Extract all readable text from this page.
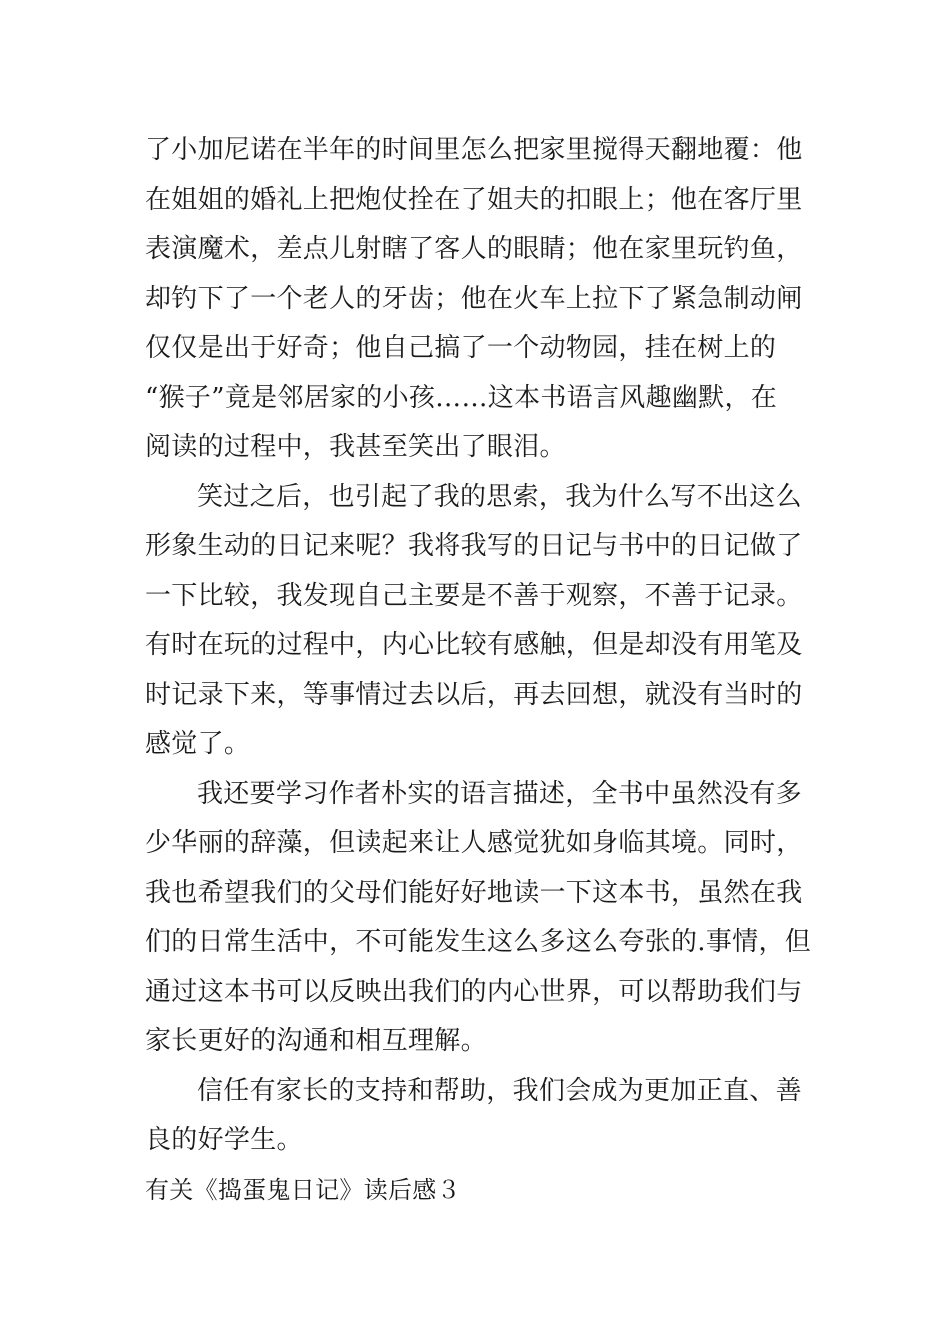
了小加尼诺在半年的时间里怎么把家里搅得天翻地覆：他
在姐姐的婚礼上把炮仗拴在了姐夫的扣眼上；他在客厅里
表演魔术，差点儿射瞎了客人的眼睛；他在家里玩钓鱼，
却钓下了一个老人的牙齿；他在火车上拉下了紧急制动闸
仅仅是出于好奇；他自己搞了一个动物园，挂在树上的
“猴子”竟是邻居家的小孩……这本书语言风趣幽默，在
阅读的过程中，我甚至笑出了眼泪。
笑过之后，也引起了我的思索，我为什么写不出这么
形象生动的日记来呢？我将我写的日记与书中的日记做了
一下比较，我发现自己主要是不善于观察，不善于记录。
有时在玩的过程中，内心比较有感触，但是却没有用笔及
时记录下来，等事情过去以后，再去回想，就没有当时的
感觉了。
我还要学习作者朴实的语言描述，全书中虽然没有多
少华丽的辞藻，但读起来让人感觉犹如身临其境。同时，
我也希望我们的父母们能好好地读一下这本书，虽然在我
们的日常生活中，不可能发生这么多这么夸张的.事情，但
通过这本书可以反映出我们的内心世界，可以帮助我们与
家长更好的沟通和相互理解。
信任有家长的支持和帮助，我们会成为更加正直、善
良的好学生。
有关《捣蛋鬼日记》读后感３
